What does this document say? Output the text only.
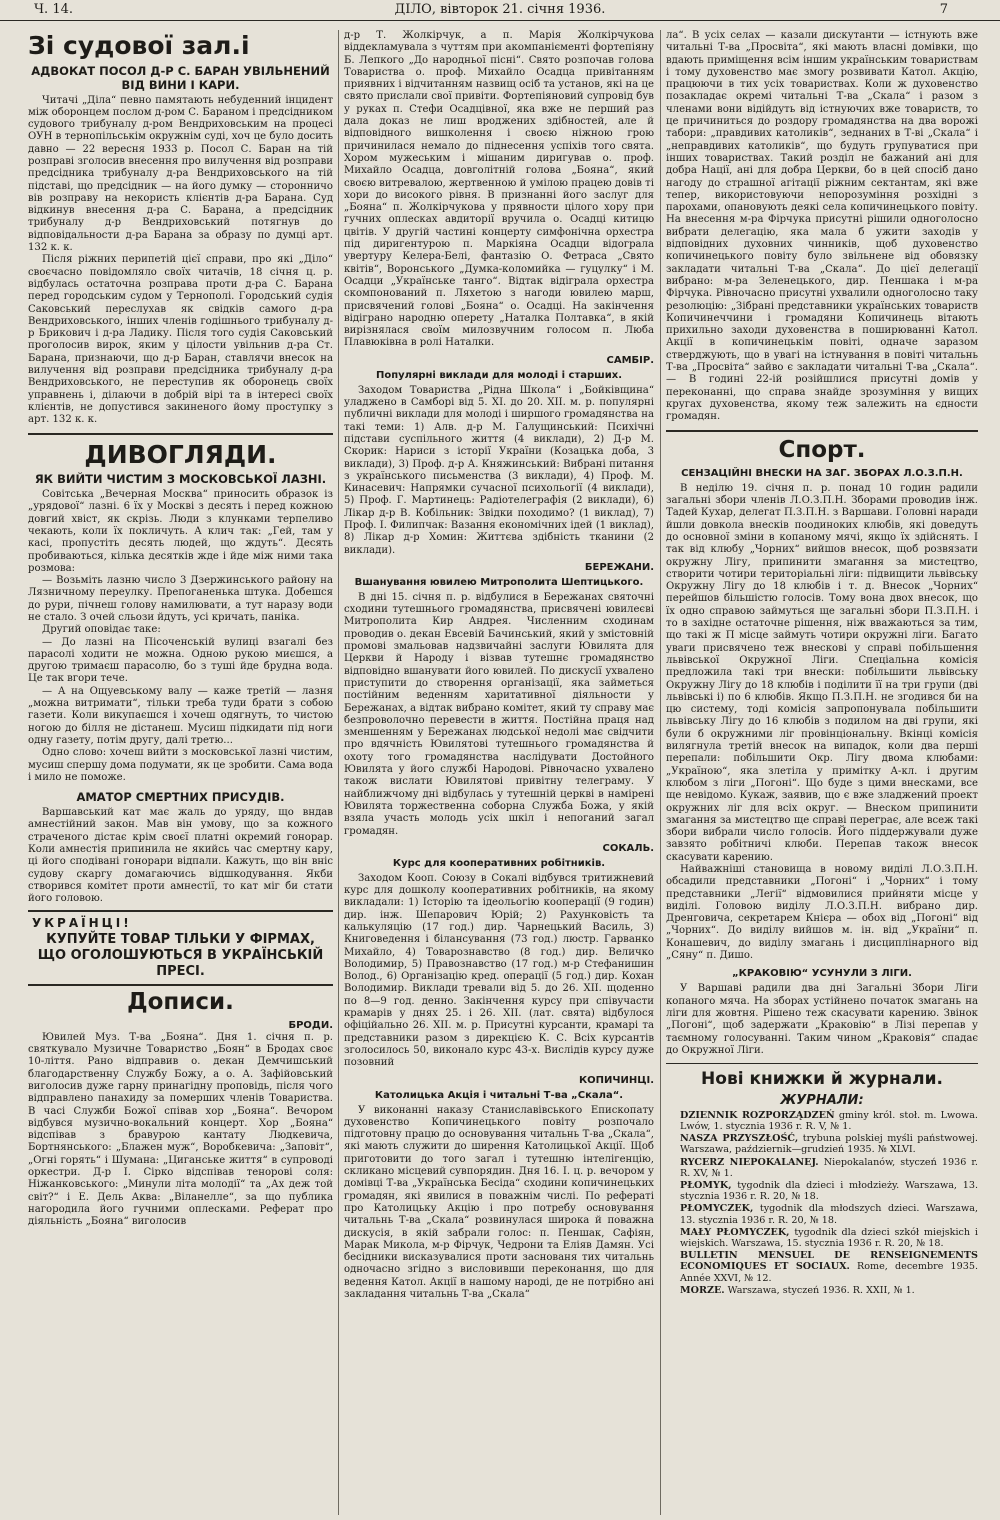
Ч. 14.	ДІЛО, вівторок 21. січня 1936.	7
Зі судової зал.і
АДВОКАТ ПОСОЛ Д-Р С. БАРАН УВІЛЬНЕНИЙ ВІД ВИНИ І КАРИ.

Читачі „Діла“ певно памятають небуденний інцидент між оборонцем послом д-ром С. Бараном і предсідником судового трибуналу д-ром Вендриховським на процесі ОУН в тернопільськім окружнім суді, хоч це було досить давно — 22 вересня 1933 р. Посол С. Баран на тій розправі зголосив внесення про вилучення від розправи предсідника трибуналу д-ра Вендриховського на тій підставі, що предсідник — на його думку — сторонничо вів розправу на некористь клієнтів д-ра Барана. Суд відкинув внесення д-ра С. Барана, а предсідник трибуналу д-р Вендриховський потягнув до відповідальности д-ра Барана за образу по думці арт. 132 к. к.

Після ріжних перипетій цієї справи, про які „Діло“ своєчасно повідомляло своїх читачів, 18 січня ц. р. відбулась остаточна розправа проти д-ра С. Барана перед городським судом у Тернополі. Городський судія Саковський переслухав як свідків самого д-ра Вендриховського, інших членів годішнього трибуналу д-р Брикович і д-ра Ладику. Після того судія Саковський проголосив вирок, яким у цілости увільнив д-ра Ст. Барана, признаючи, що д-р Баран, ставлячи внесок на вилучення від розправи предсідника трибуналу д-ра Вендриховського, не переступив як оборонець своїх управнень і, ділаючи в добрій вірі та в інтересі своїх клієнтів, не допустився закиненого йому проступку з арт. 132 к. к.

ДИВОГЛЯДИ.
ЯК ВИЙТИ ЧИСТИМ З МОСКОВСЬКОЇ ЛАЗНІ.

Совітська „Вечерная Москва“ приносить образок із „урядової“ лазні. 6 їх у Москві з десять і перед кожною довгий хвіст, як скрізь. Люди з клунками терпеливо чекають, коли їх покличуть. А клич так: „Гей, там у касі, пропустіть десять людей, що ждуть“. Десять пробиваються, кілька десятків жде і йде між ними така розмова:

— Возьміть лазню число 3 Дзержинського району на Лязничному переулку. Препоганенька штука. Добешся до рури, пічнеш голову намилювати, а тут наразу води не стало. З очей сльози йдуть, усі кричать, паніка.

Другий оповідає таке:

— До лазні на Пісоченській вулиці взагалі без парасолі ходити не можна. Одною рукою миєшся, а другою тримаєш парасолю, бо з туші йде брудна вода. Це так вгори тече.

— А на Ощуевському валу — каже третій — лазня „можна витримати“, тільки треба туди брати з собою газети. Коли викупаєшся і хочеш одягнуть, то чистою ногою до білля не дістанеш. Мусиш підкидати під ноги одну газету, потім другу, далі третю...

Одно слово: хочеш вийти з московської лазні чистим, мусиш спершу дома подумати, як це зробити. Сама вода і мило не поможе.

АМАТОР СМЕРТНИХ ПРИСУДІВ.

Варшавський кат має жаль до уряду, що вндав амнестійний закон. Мав він умову, що за кожного страченого дістає крім своєї платні окремий гонорар. Коли амнестія припинила не якийсь час смертну кару, ці його сподівані гонорари відпали. Кажуть, що він вніс судову скаргу домагаючись відшкодування. Якби створився комітет проти амнестії, то кат міг би стати його головою.

УКРАЇНЦІ!
КУПУЙТЕ ТОВАР ТІЛЬКИ У ФІРМАХ, ЩО ОГОЛОШУЮТЬСЯ В УКРАЇНСЬКІЙ ПРЕСІ.
Дописи.
БРОДИ.

Ювилей Муз. Т-ва „Бояна“. Дня 1. січня п. р. святкувало Музичне Товариство „Боян“ в Бродах своє 10-ліття. Рано відправив о. декан Демчишський благодарственну Службу Божу, а о. А. Зафійовський виголосив дуже гарну принагідну проповідь, після чого відправлено панахиду за померших членів Товариства. В часі Служби Божої співав хор „Бояна“. Вечором відбувся музично-вокальний концерт. Хор „Бояна“ відспівав з бравурою кантату Людкевича, Бортнянського: „Блажен муж“, Воробкевича: „Заповіт“, „Огні горять“ і Шумана: „Циганське життя“ в супроводі оркестри. Д-р І. Сірко відспівав тенорові соля: Ніжанковського: „Минули літа молодії“ та „Ах деж той світ?“ і Е. Дель Аква: „Віланелле“, за що публика нагородила його гучними оплесками. Реферат про діяльність „Бояна“ виголосив

д-р Т. Жолкірчук, а п. Марія Жолкірчукова віддекламувала з чуттям при акомпанієменті фортепіяну Б. Лепкого „До народньої пісні“. Свято розпочав голова Товариства о. проф. Михайло Осадца привітанням приявних і відчитанням назвищ осіб та установ, які на це свято прислали свої привіти. Фортепіяновий супровід був у руках п. Стефи Осадцівної, яка вже не перший раз дала доказ не лиш вроджених здібностей, але й відповідного вишколення і своєю ніжною грою причинилася немало до піднесення успіхів того свята. Хором мужеським і мішаним диригував о. проф. Михайло Осадца, довголітній голова „Бояна“, який своєю витревалою, жертвенною й умілою працею довів ті хори до високого рівня. В признанні його заслуг для „Бояна“ п. Жолкірчукова у прявности цілого хору при гучних оплесках авдиторії вручила о. Осадці китицю цвітів. У другій частині концерту симфонічна орхестра під диригентурою п. Маркіяна Осадци відограла увертуру Келера-Белі, фантазію О. Фетраса „Свято квітів“, Воронського „Думка-коломийка — гуцулку“ і М. Осадци „Українське танго“. Відтак відіграла орхестра скомпонований п. Ляхетою з нагоди ювилею марш, присвячений голові „Бояна“ о. Осадці. На закінчення відіграно народню оперету „Наталка Полтавка“, в якій вирізнялася своїм милозвучним голосом п. Люба Плавюківна в ролі Наталки.

САМБІР.
Популярні виклади для молоді і старших.

Заходом Товариства „Рідна Школа“ і „Бойківщина“ уладжено в Самборі від 5. XI. до 20. XII. м. р. популярні публичні виклади для молоді і ширшого громадянства на такі теми: 1) Алв. д-р М. Галущинський: Психічні підстави суспільного життя (4 виклади), 2) Д-р М. Скорик: Нариси з історії України (Козацька доба, 3 виклади), 3) Проф. д-р А. Княжинський: Вибрані питання з українського письменства (3 виклади), 4) Проф. М. Кинасевич: Напрямки сучасної психольогії (4 виклади), 5) Проф. Г. Мартинець: Радіотелеграфія (2 виклади), 6) Лікар д-р В. Кобільник: Звідки походимо? (1 виклад), 7) Проф. І. Филипчак: Вазання економічних ідей (1 виклад), 8) Лікар д-р Хомин: Життєва здібність тканини (2 виклади).

БЕРЕЖАНИ.
Вшанування ювилею Митрополита Шептицького.

В дні 15. січня п. р. відбулися в Бережанах святочні сходини тутешнього громадянства, присвячені ювилеєві Митрополита Кир Андрея. Численним сходинам проводив о. декан Евсевій Бачинський, який у змістовній промові змальовав надзвичайні заслуги Ювилята для Церкви й Народу і візвав тутешнє громадянство відповідно вшанувати його ювилей. По дискусії ухвалено приступити до створення організації, яка займеться постійним веденням харитативної діяльности у Бережанах, а відтак вибрано комітет, який ту справу має безпроволочно перевести в життя. Постійна праця над зменшенням у Бережанах людської недолі має свідчити про вдячність Ювилятові тутешнього громадянства й охоту того громадянства наслідувати Достойного Ювилята у його службі Народові. Рівночасно ухвалено також вислати Ювилятові привітну телеграму. У найближчому дні відбулась у тутешній церкві в намірені Ювилята торжественна соборна Служба Божа, у якій взяла участь молодь усіх шкіл і непоганий загал громадян.

СОКАЛЬ.
Курс для кооперативних робітників.

Заходом Кооп. Союзу в Сокалі відбувся тритижневий курс для дошколу кооперативних робітників, на якому викладали: 1) Історію та ідеольогію кооперації (9 годин) дир. інж. Шепарович Юрій; 2) Рахунковість та калькуляцію (17 год.) дир. Чарнецький Василь, 3) Книговедення і білансування (73 год.) люстр. Гарванко Михайло, 4) Товарознавство (8 год.) дир. Величко Володимир, 5) Правознавство (17 год.) м-р Стефанишин Волод., 6) Організацію кред. операції (5 год.) дир. Кохан Володимир. Виклади тревали від 5. до 26. XII. щоденно по 8—9 год. денно. Закінчення курсу при співучасти крамарів у днях 25. і 26. XII. (лат. свята) відбулося офіційально 26. XII. м. р. Присутні курсанти, крамарі та представники разом з дирекцією К. С. Всіх курсантів зголосилось 50, виконало курс 43-х. Вислідів курсу дуже позовний

КОПИЧИНЦІ.
Католицька Акція і читальні Т-ва „Скала“.

У виконанні наказу Станиславівського Епископату духовенство Копичинецького повіту розпочало підготовну працю до основування читальнь Т-ва „Скала“, які мають служити до ширення Католицької Акції. Щоб приготовити до того загал і тутешню інтелігенцію, скликано місцевий сувпорядин. Дня 16. І. ц. р. вечором у домівці Т-ва „Українська Бесіда“ сходини копичинецьких громадян, які явилися в поважнім числі. По рефераті про Католицьку Акцію і про потребу основування читальнь Т-ва „Скала“ розвинулася широка й поважна дискусія, в якій забрали голос: п. Пеншак, Сафіян, Марак Микола, м-р Фірчук, Чедрони та Еліяв Дамян. Усі бесідники висказувалися проти заснованя тих читальнь одночасно згідно з висловивши переконання, що для ведення Катол. Акції в нашому народі, де не потрібно ані закладання читальнь Т-ва „Скала“

ла“. В усіх селах — казали дискутанти — істнують вже читальні Т-ва „Просвіта“, які мають власні домівки, що вдають приміщення всім іншим українським товариствам і тому духовенство має змогу розвивати Катол. Акцію, працюючи в тих усіх товариствах. Коли ж духовенство позакладає окремі читальні Т-ва „Скала“ і разом з членами вони відійдуть від істнуючих вже товариств, то це причиниться до роздору громадянства на два ворожі табори: „правдивих католиків“, зеднаних в Т-ві „Скала“ і „неправдивих католиків“, що будуть групуватися при інших товариствах. Такий розділ не бажаний ані для добра Нації, ані для добра Церкви, бо в цей спосіб дано нагоду до страшної агітації ріжним сектантам, які вже тепер, використовуючи непорозуміння розхідні з парохами, опановують деякі села копичинецького повіту. На внесення м-ра Фірчука присутні рішили одноголосно вибрати делегацію, яка мала б ужити заходів у відповідних духовних чинників, щоб духовенство копичинецького повіту було звільнене від обовязку закладати читальні Т-ва „Скала“. До цієї делегації вибрано: м-ра Зеленецького, дир. Пеншака і м-ра Фірчука. Рівночасно присутні ухвалили одноголосно таку резолюцію: „Зібрані представники українських товариств Копичинеччини і громадяни Копичинець вітають прихильно заходи духовенства в поширюванні Катол. Акції в копичинецькім повіті, одначе заразом стверджують, що в увагі на істнування в повіті читальнь Т-ва „Просвіта“ зайво є закладати читальні Т-ва „Скала“. — В годині 22-ій розійшлися присутні домів у переконанні, що справа знайде зрозуміння у вищих кругах духовенства, якому теж залежить на єдности громадян.

Спорт.
СЕНЗАЦІЙНІ ВНЕСКИ НА ЗАГ. ЗБОРАХ Л.О.З.П.Н.

В неділю 19. січня п. р. понад 10 годин радили загальні збори членів Л.О.З.П.Н. Зборами проводив інж. Тадей Кухар, делегат П.З.П.Н. з Варшави. Головні наради йшли довкола внесків поодиноких клюбів, які доведуть до основної зміни в копаному мячі, якщо їх здійснять. І так від клюбу „Чорних“ вийшов внесок, щоб розвязати окружну Лігу, припинити змагання за мистецтво, створити чотири територіальні ліги: підвищити львівську Окружну Лігу до 18 клюбів і т. д. Внесок „Чорних“ перейшов більшістю голосів. Тому вона двох внесок, що їх одно справою займуться ще загальні збори П.З.П.Н. і то в західне остаточне рішення, ніж вважаються за тим, що такі ж П місце займуть чотири окружні ліги. Багато уваги присвячено теж внескові у справі побільшення львівської Окружної Ліги. Спеціальна комісія предложила такі три внески: побільшити львівську Окружну Лігу до 18 клюбів і поділити її на три групи (дві львівські і) по 6 клюбів. Якщо П.З.П.Н. не згодився би на цю систему, тоді комісія запропонувала побільшити львівську Лігу до 16 клюбів з подилом на дві групи, які були б окружними ліг провінціональну. Вкінці комісія вилягнула третій внесок на випадок, коли два перші перепали: побільшити Окр. Лігу двома клюбами: „Україною“, яка злетіла у примітку А-кл. і другим клюбом з ліги „Погоні“. Що буде з цими внесками, все ще невідомо. Кукаж, заявив, що є вже зладжений проект окружних ліг для всіх округ. — Внеском припинити змагання за мистецтво ще справі переграє, але всеж такі збори вибрали число голосів. Його піддержували дуже завзято робітничі клюби. Перепав також внесок скасувати карению.

Найважніші становища в новому виділі Л.О.З.П.Н. обсадили представники „Погоні“ і „Чорних“ і тому представники „Легії“ відмовилися прийняти місце у виділі. Головою виділу Л.О.З.П.Н. вибрано дир. Дренговича, секретарем Кнієра — обох від „Погоні“ від „Чорних“. До виділу вийшов м. ін. від „України“ п. Конашевич, до виділу змагань і дисциплінарного від „Сяну“ п. Дишо.

„КРАКОВІЮ“ УСУНУЛИ З ЛІГИ.

У Варшаві радили два дні Загальні Збори Ліги копаного мяча. На зборах устійнено початок змагань на ліги для жовтня. Рішено теж скасувати карению. Звінок „Погоні“, щоб задержати „Краковію“ в Лізі перепав у таємному голосуванні. Таким чином „Краковія“ спадає до Окружної Ліги.

Нові книжки й журнали.
ЖУРНАЛИ:

DZIENNIK ROZPORZĄDZEŃ gminy król. stoł. m. Lwowa. Lwów, 1. stycznia 1936 r. R. V, № 1.

NASZA PRZYSZŁOŚĆ, trybuna polskiej myśli państwowej. Warszawa, październik—grudzień 1935. № XLVI.

RYCERZ NIEPOKALANEJ. Niepokalanów, styczeń 1936 r. R. XV, № 1.

PŁOMYK, tygodnik dla dzieci i młodzieży. Warszawa, 13. stycznia 1936 r. R. 20, № 18.

PŁOMYCZEK, tygodnik dla młodszych dzieci. Warszawa, 13. stycznia 1936 r. R. 20, № 18.

MAŁY PŁOMYCZEK, tygodnik dla dzieci szkół miejskich i wiejskich. Warszawa, 15. stycznia 1936 r. R. 20, № 18.

BULLETIN MENSUEL DE RENSEIGNEMENTS ECONOMIQUES ET SOCIAUX. Rome, decembre 1935. Année XXVI, № 12.

MORZE. Warszawa, styczeń 1936. R. XXII, № 1.
